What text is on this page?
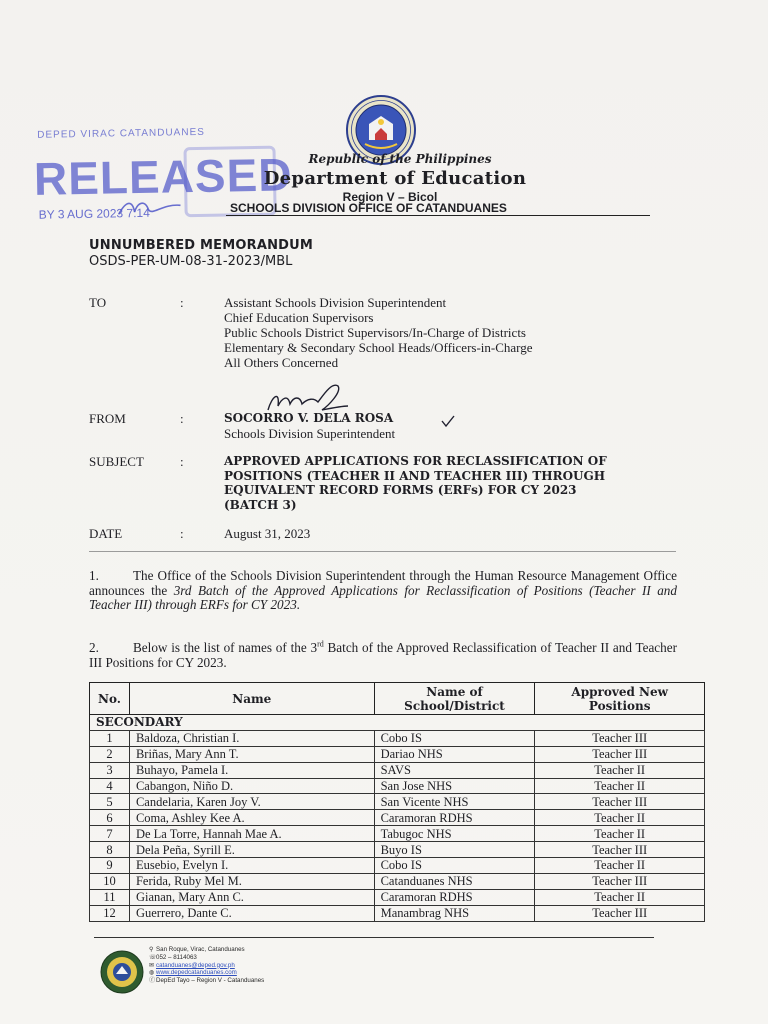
DEPED VIRAC CATANDUANES
RELEASED
BY 3 AUG 2023 7:14
Republic of the Philippines
Department of Education
Region V – Bicol
SCHOOLS DIVISION OFFICE OF CATANDUANES
UNNUMBERED MEMORANDUM
OSDS-PER-UM-08-31-2023/MBL
TO	:	Assistant Schools Division Superintendent
Chief Education Supervisors
Public Schools District Supervisors/In-Charge of Districts
Elementary & Secondary School Heads/Officers-in-Charge
All Others Concerned
FROM	:	SOCORRO V. DELA ROSA
Schools Division Superintendent
SUBJECT	:	APPROVED APPLICATIONS FOR RECLASSIFICATION OF
POSITIONS (TEACHER II AND TEACHER III) THROUGH
EQUIVALENT RECORD FORMS (ERFs) FOR CY 2023
(BATCH 3)
DATE	:	August 31, 2023
1.	The Office of the Schools Division Superintendent through the Human Resource Management Office announces the 3rd Batch of the Approved Applications for Reclassification of Positions (Teacher II and Teacher III) through ERFs for CY 2023.
2.	Below is the list of names of the 3rd Batch of the Approved Reclassification of Teacher II and Teacher III Positions for CY 2023.
No.	Name	Name of School/District	Approved New Positions
SECONDARY			
1	Baldoza, Christian I.	Cobo IS	Teacher III
2	Briñas, Mary Ann T.	Dariao NHS	Teacher III
3	Buhayo, Pamela I.	SAVS	Teacher II
4	Cabangon, Niño D.	San Jose NHS	Teacher II
5	Candelaria, Karen Joy V.	San Vicente NHS	Teacher III
6	Coma, Ashley Kee A.	Caramoran RDHS	Teacher II
7	De La Torre, Hannah Mae A.	Tabugoc NHS	Teacher II
8	Dela Peña, Syrill E.	Buyo IS	Teacher III
9	Eusebio, Evelyn I.	Cobo IS	Teacher II
10	Ferida, Ruby Mel M.	Catanduanes NHS	Teacher III
11	Gianan, Mary Ann C.	Caramoran RDHS	Teacher II
12	Guerrero, Dante C.	Manambrag NHS	Teacher III
⚲ San Roque, Virac, Catanduanes
☏052 – 8114063
✉ catanduanes@deped.gov.ph
◍ www.depedcatanduanes.com
ⓕDepEd Tayo – Region V - Catanduanes
